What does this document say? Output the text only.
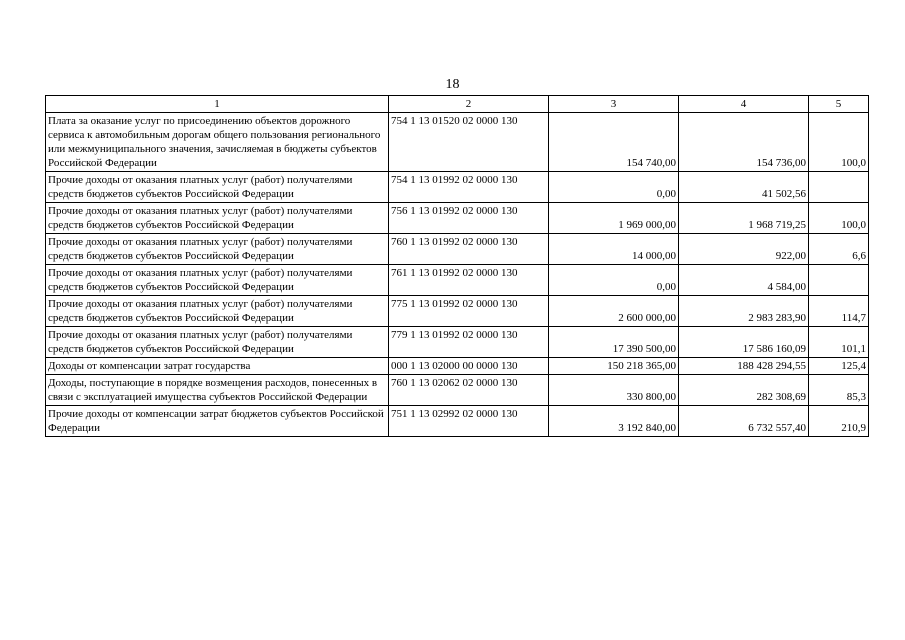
18
1	2	3	4	5
Плата за оказание услуг по присоединению объектов дорожного сервиса к автомобильным дорогам общего пользования регионального или межмуниципального значения, зачисляемая в бюджеты субъектов Российской Федерации	754 1 13 01520 02 0000 130	154 740,00	154 736,00	100,0
Прочие доходы от оказания платных услуг (работ) получателями средств бюджетов субъектов Российской Федерации	754 1 13 01992 02 0000 130	0,00	41 502,56	
Прочие доходы от оказания платных услуг (работ) получателями средств бюджетов субъектов Российской Федерации	756 1 13 01992 02 0000 130	1 969 000,00	1 968 719,25	100,0
Прочие доходы от оказания платных услуг (работ) получателями средств бюджетов субъектов Российской Федерации	760 1 13 01992 02 0000 130	14 000,00	922,00	6,6
Прочие доходы от оказания платных услуг (работ) получателями средств бюджетов субъектов Российской Федерации	761 1 13 01992 02 0000 130	0,00	4 584,00	
Прочие доходы от оказания платных услуг (работ) получателями средств бюджетов субъектов Российской Федерации	775 1 13 01992 02 0000 130	2 600 000,00	2 983 283,90	114,7
Прочие доходы от оказания платных услуг (работ) получателями средств бюджетов субъектов Российской Федерации	779 1 13 01992 02 0000 130	17 390 500,00	17 586 160,09	101,1
Доходы от компенсации затрат государства	000 1 13 02000 00 0000 130	150 218 365,00	188 428 294,55	125,4
Доходы, поступающие в порядке возмещения расходов, понесенных в связи с эксплуатацией имущества субъектов Российской Федерации	760 1 13 02062 02 0000 130	330 800,00	282 308,69	85,3
Прочие доходы от компенсации затрат бюджетов субъектов Российской Федерации	751 1 13 02992 02 0000 130	3 192 840,00	6 732 557,40	210,9
